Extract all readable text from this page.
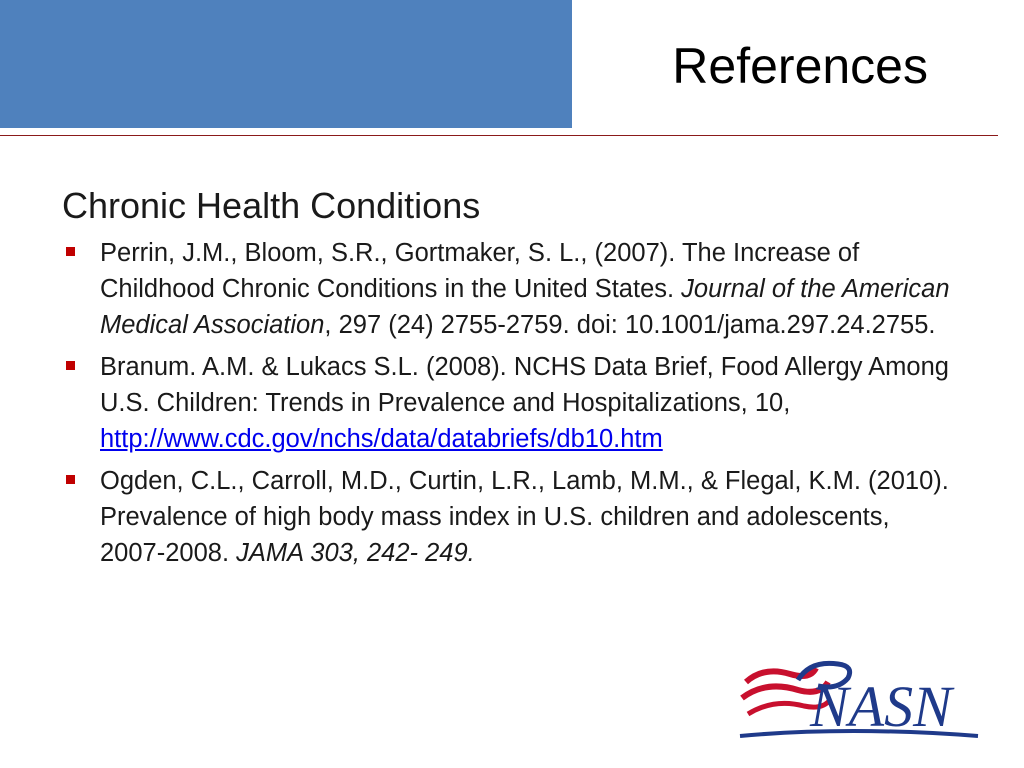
References
Chronic Health Conditions
Perrin, J.M., Bloom, S.R., Gortmaker, S. L., (2007). The Increase of Childhood Chronic Conditions in the United States. Journal of the American Medical Association, 297 (24) 2755-2759. doi: 10.1001/jama.297.24.2755.
Branum. A.M. & Lukacs S.L. (2008). NCHS Data Brief, Food Allergy Among U.S. Children: Trends in Prevalence and Hospitalizations, 10, http://www.cdc.gov/nchs/data/databriefs/db10.htm
Ogden, C.L., Carroll, M.D., Curtin, L.R., Lamb, M.M., & Flegal, K.M. (2010). Prevalence of high body mass index in U.S. children and adolescents, 2007-2008. JAMA 303, 242- 249.
NASN
